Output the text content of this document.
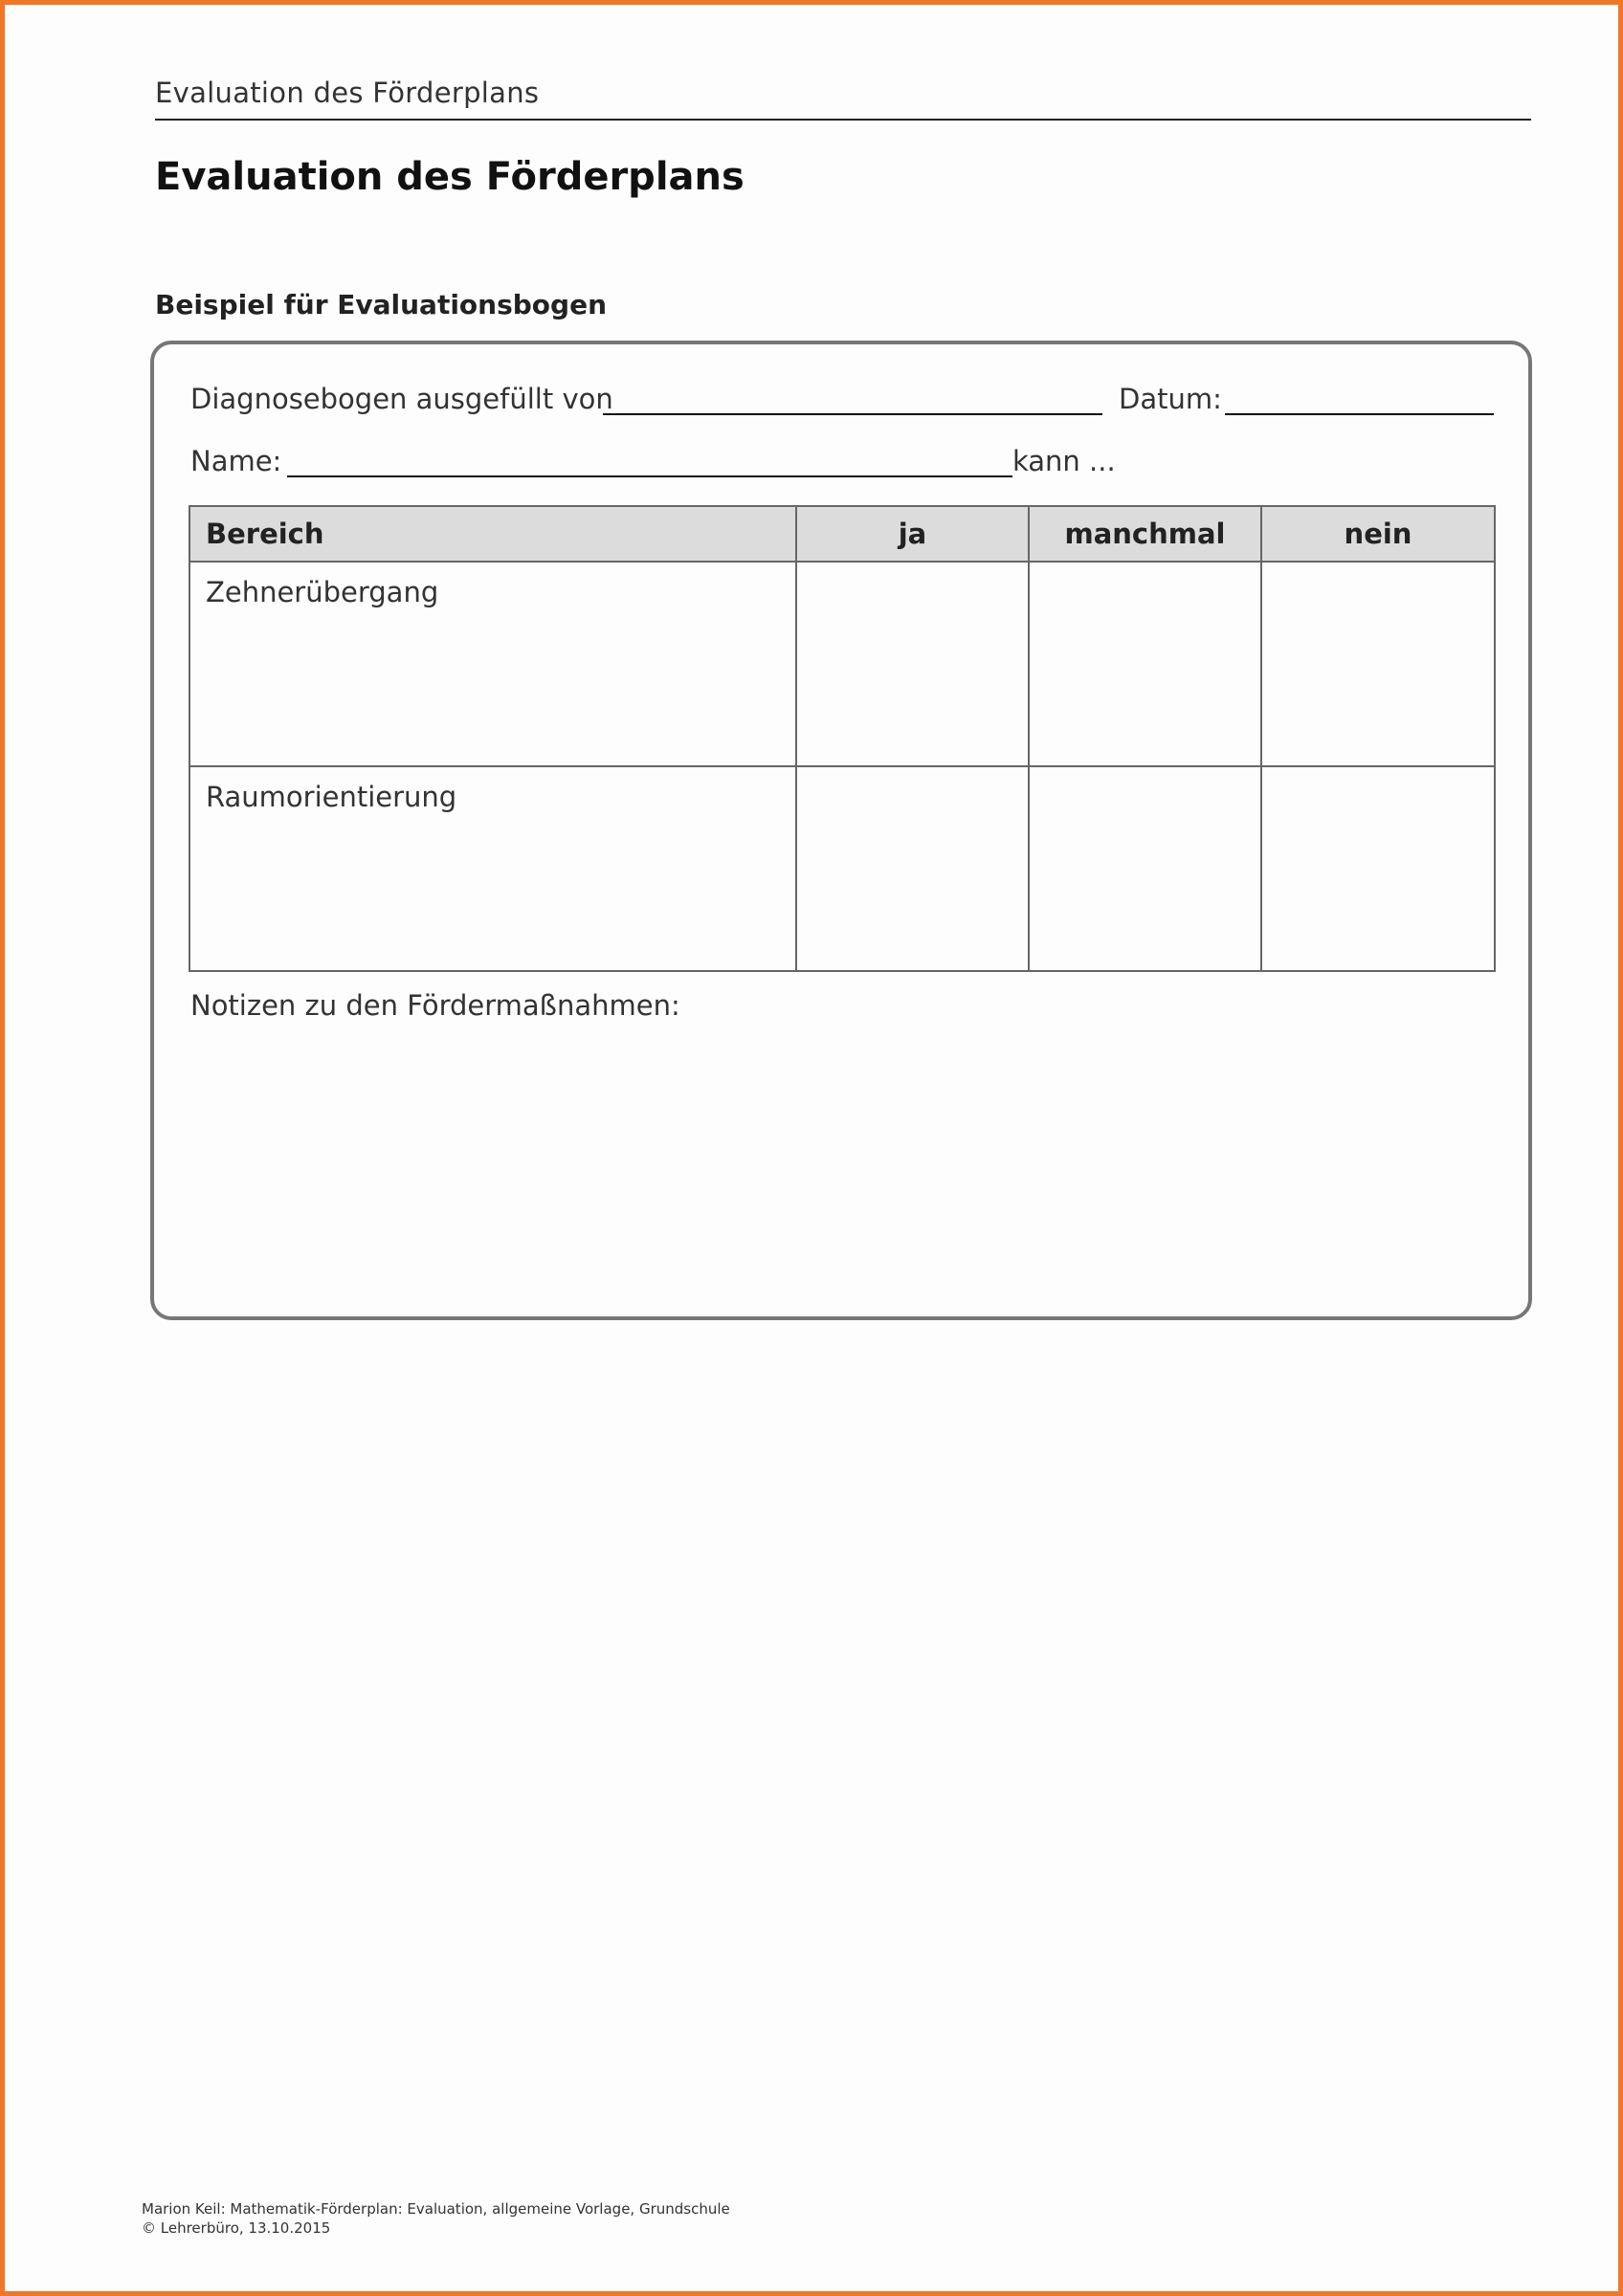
Evaluation des Förderplans
Evaluation des Förderplans
Beispiel für Evaluationsbogen
Diagnosebogen ausgefüllt von	Datum:
Name:	kann ...
Bereich	ja	manchmal	nein
Zehnerübergang			
Raumorientierung			
Notizen zu den Fördermaßnahmen:
Marion Keil: Mathematik-Förderplan: Evaluation, allgemeine Vorlage, Grundschule
© Lehrerbüro, 13.10.2015
